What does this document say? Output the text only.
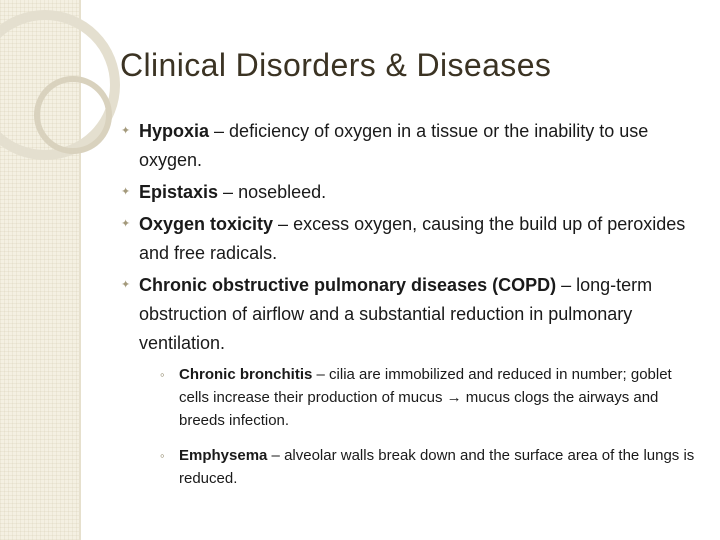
Clinical Disorders & Diseases

✦ Hypoxia – deficiency of oxygen in a tissue or the inability to use oxygen.

✦ Epistaxis – nosebleed.

✦ Oxygen toxicity – excess oxygen, causing the build up of peroxides and free radicals.

✦ Chronic obstructive pulmonary diseases (COPD) – long-term obstruction of airflow and a substantial reduction in pulmonary ventilation.

◦ Chronic bronchitis – cilia are immobilized and reduced in number; goblet cells increase their production of mucus → mucus clogs the airways and breeds infection.

◦ Emphysema – alveolar walls break down and the surface area of the lungs is reduced.
